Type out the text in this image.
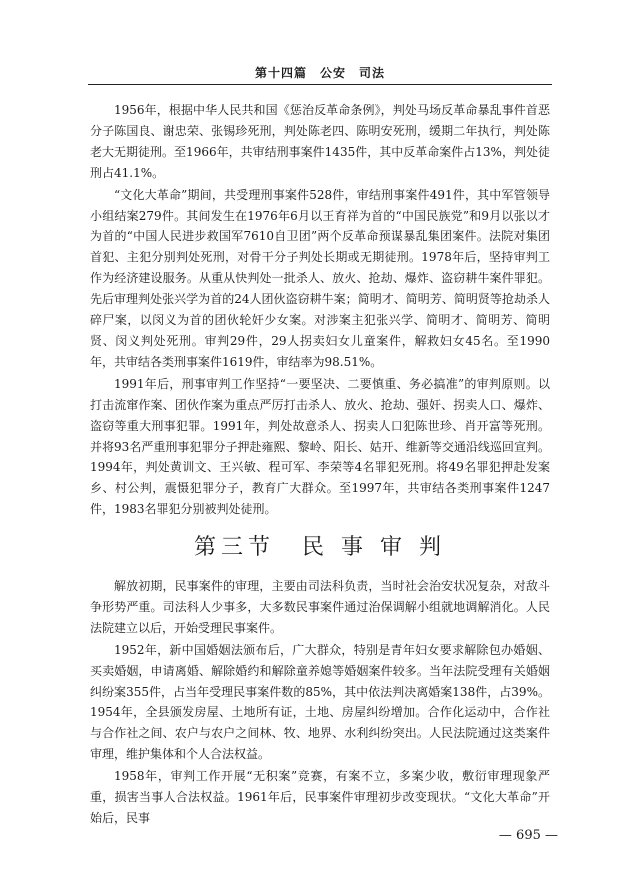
第十四篇　公安　司法

1956年，根据中华人民共和国《惩治反革命条例》，判处马场反革命暴乱事件首恶分子陈国良、谢忠荣、张锡珍死刑，判处陈老四、陈明安死刑，缓期二年执行，判处陈老大无期徒刑。至1966年，共审结刑事案件1435件，其中反革命案件占13%，判处徒刑占41.1%。

“文化大革命”期间，共受理刑事案件528件，审结刑事案件491件，其中军管领导小组结案279件。其间发生在1976年6月以王育祥为首的“中国民族党”和9月以张以才为首的“中国人民进步救国军7610自卫团”两个反革命预谋暴乱集团案件。法院对集团首犯、主犯分别判处死刑，对骨干分子判处长期或无期徒刑。1978年后，坚持审判工作为经济建设服务。从重从快判处一批杀人、放火、抢劫、爆炸、盗窃耕牛案件罪犯。先后审理判处张兴学为首的24人团伙盗窃耕牛案；简明才、简明芳、简明贤等抢劫杀人碎尸案，以闵义为首的团伙轮奸少女案。对涉案主犯张兴学、简明才、简明芳、简明贤、闵义判处死刑。审判29件，29人拐卖妇女儿童案件，解救妇女45名。至1990年，共审结各类刑事案件1619件，审结率为98.51%。

1991年后，刑事审判工作坚持“一要坚决、二要慎重、务必搞准”的审判原则。以打击流窜作案、团伙作案为重点严厉打击杀人、放火、抢劫、强奸、拐卖人口、爆炸、盗窃等重大刑事犯罪。1991年，判处故意杀人、拐卖人口犯陈世珍、肖开富等死刑。并将93名严重刑事犯罪分子押赴雍熙、黎岭、阳长、姑开、维新等交通沿线巡回宣判。1994年，判处黄训文、王兴敏、程可军、李荣等4名罪犯死刑。将49名罪犯押赴发案乡、村公判，震慑犯罪分子，教育广大群众。至1997年，共审结各类刑事案件1247件，1983名罪犯分别被判处徒刑。

第三节　民 事 审 判

解放初期，民事案件的审理，主要由司法科负责，当时社会治安状况复杂，对敌斗争形势严重。司法科人少事多，大多数民事案件通过治保调解小组就地调解消化。人民法院建立以后，开始受理民事案件。

1952年，新中国婚姻法颁布后，广大群众，特别是青年妇女要求解除包办婚姻、买卖婚姻，申请离婚、解除婚约和解除童养媳等婚姻案件较多。当年法院受理有关婚姻纠纷案355件，占当年受理民事案件数的85%，其中依法判决离婚案138件，占39%。1954年，全县颁发房屋、土地所有证，土地、房屋纠纷增加。合作化运动中，合作社与合作社之间、农户与农户之间林、牧、地界、水利纠纷突出。人民法院通过这类案件审理，维护集体和个人合法权益。

1958年，审判工作开展“无积案”竞赛，有案不立，多案少收，敷衍审理现象严重，损害当事人合法权益。1961年后，民事案件审理初步改变现状。“文化大革命”开始后，民事

— 695 —
